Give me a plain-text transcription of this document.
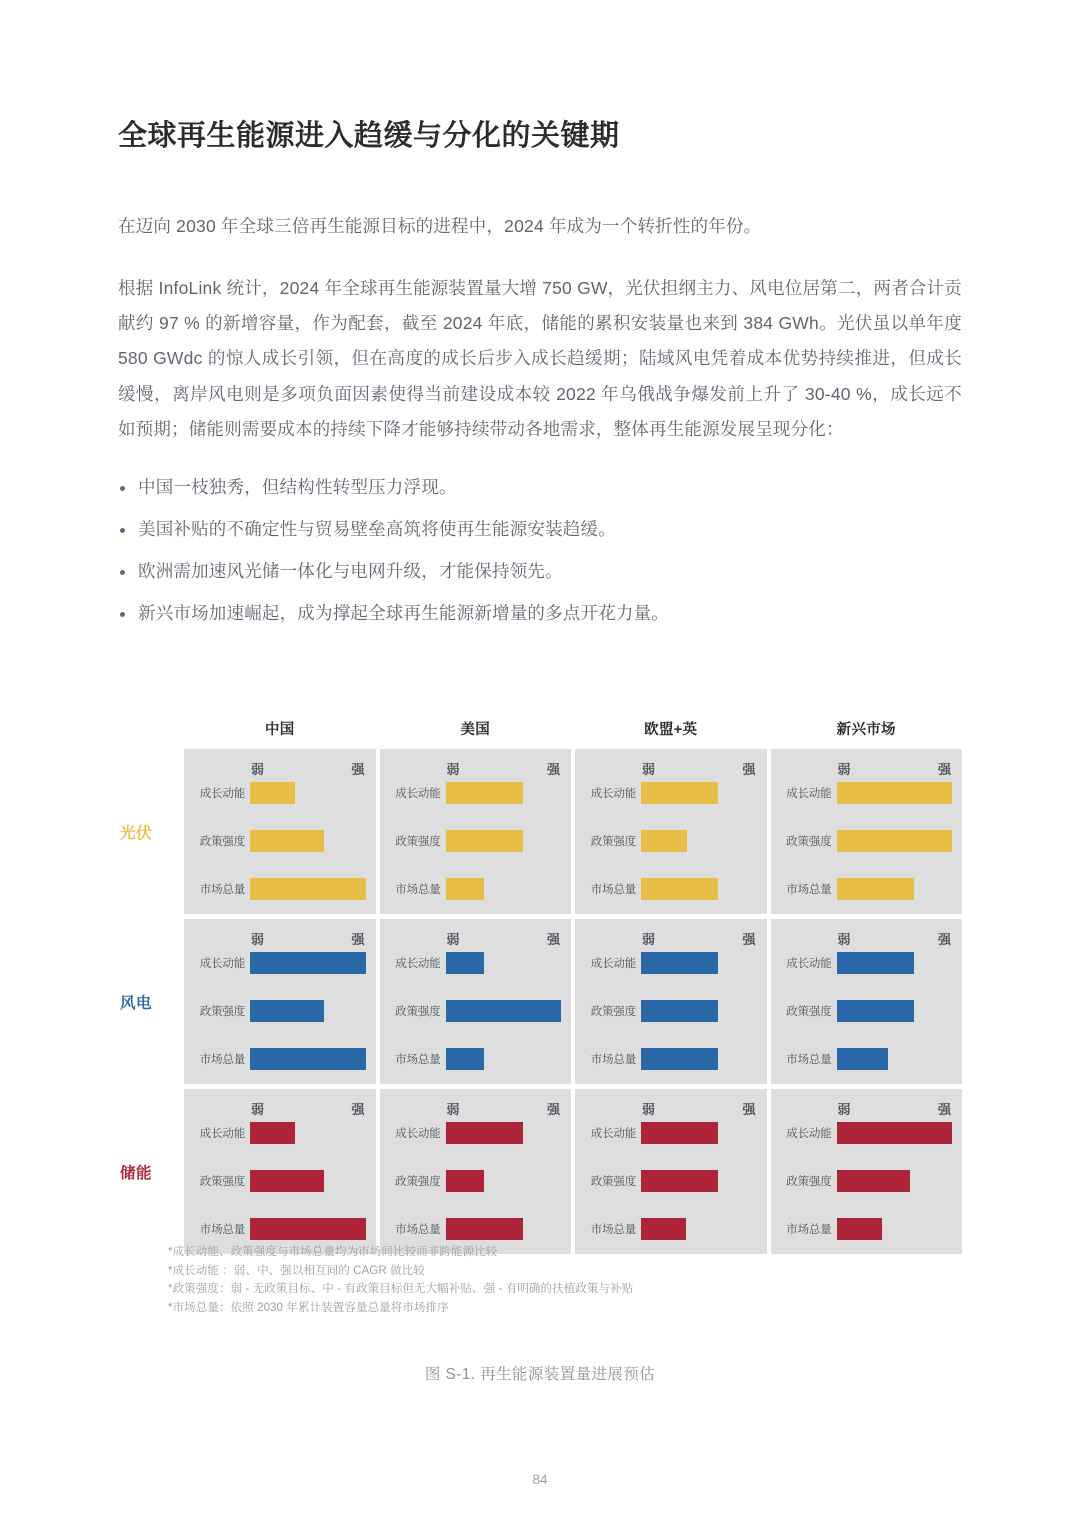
全球再生能源进入趋缓与分化的关键期

在迈向 2030 年全球三倍再生能源目标的进程中，2024 年成为一个转折性的年份。

根据 InfoLink 统计，2024 年全球再生能源装置量大增 750 GW，光伏担纲主力、风电位居第二，两者合计贡献约 97 % 的新增容量，作为配套，截至 2024 年底，储能的累积安装量也来到 384 GWh。光伏虽以单年度 580 GWdc 的惊人成长引领，但在高度的成长后步入成长趋缓期；陆域风电凭着成本优势持续推进，但成长缓慢，离岸风电则是多项负面因素使得当前建设成本较 2022 年乌俄战争爆发前上升了 30-40 %，成长远不如预期；储能则需要成本的持续下降才能够持续带动各地需求，整体再生能源发展呈现分化：

中国一枝独秀，但结构性转型压力浮现。
美国补贴的不确定性与贸易壁垒高筑将使再生能源安装趋缓。
欧洲需加速风光储一体化与电网升级，才能保持领先。
新兴市场加速崛起，成为撑起全球再生能源新增量的多点开花力量。
中国	美国	欧盟+英	新兴市场
光伏
弱	强
成长动能
政策强度
市场总量
弱	强
成长动能
政策强度
市场总量
弱	强
成长动能
政策强度
市场总量
弱	强
成长动能
政策强度
市场总量
风电
弱	强
成长动能
政策强度
市场总量
弱	强
成长动能
政策强度
市场总量
弱	强
成长动能
政策强度
市场总量
弱	强
成长动能
政策强度
市场总量
储能
弱	强
成长动能
政策强度
市场总量
弱	强
成长动能
政策强度
市场总量
弱	强
成长动能
政策强度
市场总量
弱	强
成长动能
政策强度
市场总量
*成长动能、政策强度与市场总量均为市场间比较而非跨能源比较
*成长动能 ：弱、中、强以相互间的 CAGR 做比较
*政策强度：弱 - 无政策目标、中 - 有政策目标但无大幅补贴、强 - 有明确的扶植政策与补贴
*市场总量：依照 2030 年累计装置容量总量将市场排序
图 S-1. 再生能源装置量进展预估
84
